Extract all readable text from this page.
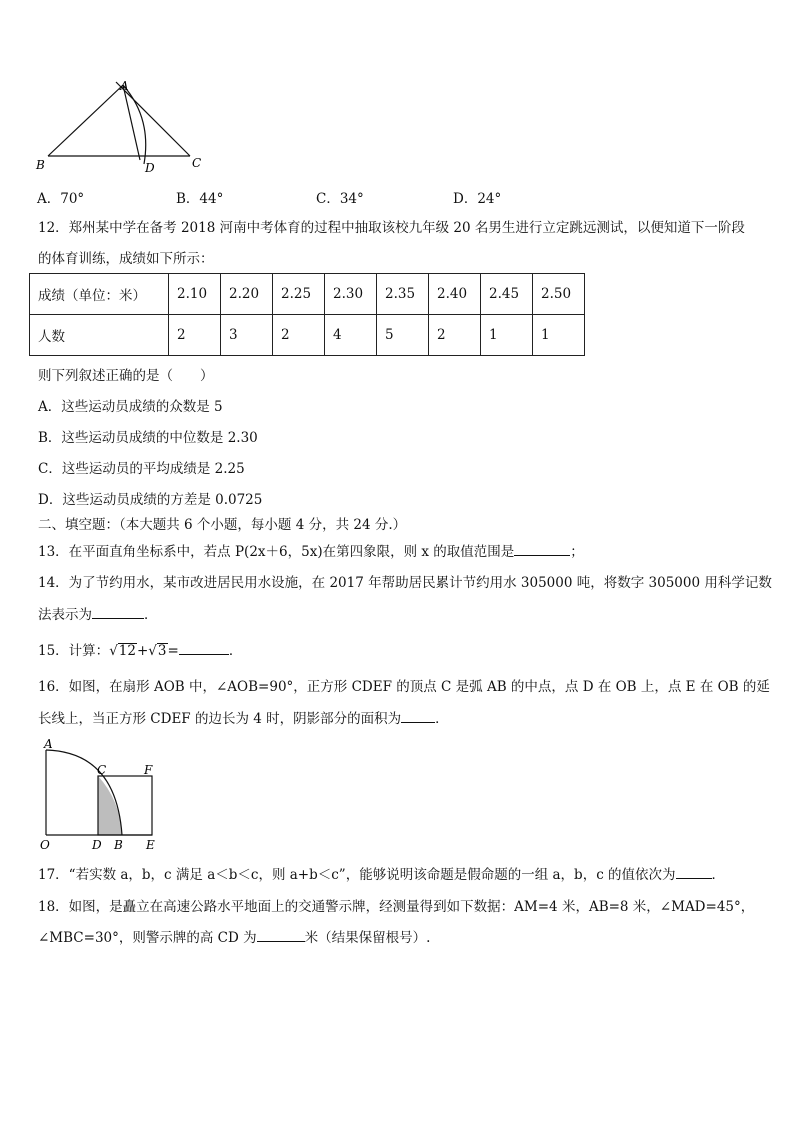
A
B	D	C
A．70°	B．44°	C．34°	D．24°
12．郑州某中学在备考 2018 河南中考体育的过程中抽取该校九年级 20 名男生进行立定跳远测试，以便知道下一阶段
的体育训练，成绩如下所示：
成绩（单位：米）	2.10	2.20	2.25	2.30	2.35	2.40	2.45	2.50
人数	2	3	2	4	5	2	1	1
则下列叙述正确的是（　　）
A．这些运动员成绩的众数是 5
B．这些运动员成绩的中位数是 2.30
C．这些运动员的平均成绩是 2.25
D．这些运动员成绩的方差是 0.0725
二、填空题：（本大题共 6 个小题，每小题 4 分，共 24 分.）
13．在平面直角坐标系中，若点 P(2x＋6，5x)在第四象限，则 x 的取值范围是	；
14．为了节约用水，某市改进居民用水设施，在 2017 年帮助居民累计节约用水 305000 吨，将数字 305000 用科学记数
法表示为	．
15．计算：√12+√3=	．
16．如图，在扇形 AOB 中，∠AOB=90°，正方形 CDEF 的顶点 C 是弧 AB 的中点，点 D 在 OB 上，点 E 在 OB 的延
长线上，当正方形 CDEF 的边长为 4 时，阴影部分的面积为	．
A
C	F
O	D B E
17．“若实数 a，b，c 满足 a＜b＜c，则 a+b＜c”，能够说明该命题是假命题的一组 a，b，c 的值依次为	．
18．如图，是矗立在高速公路水平地面上的交通警示牌，经测量得到如下数据：AM=4 米，AB=8 米，∠MAD=45°，
∠MBC=30°，则警示牌的高 CD 为	米（结果保留根号）.
